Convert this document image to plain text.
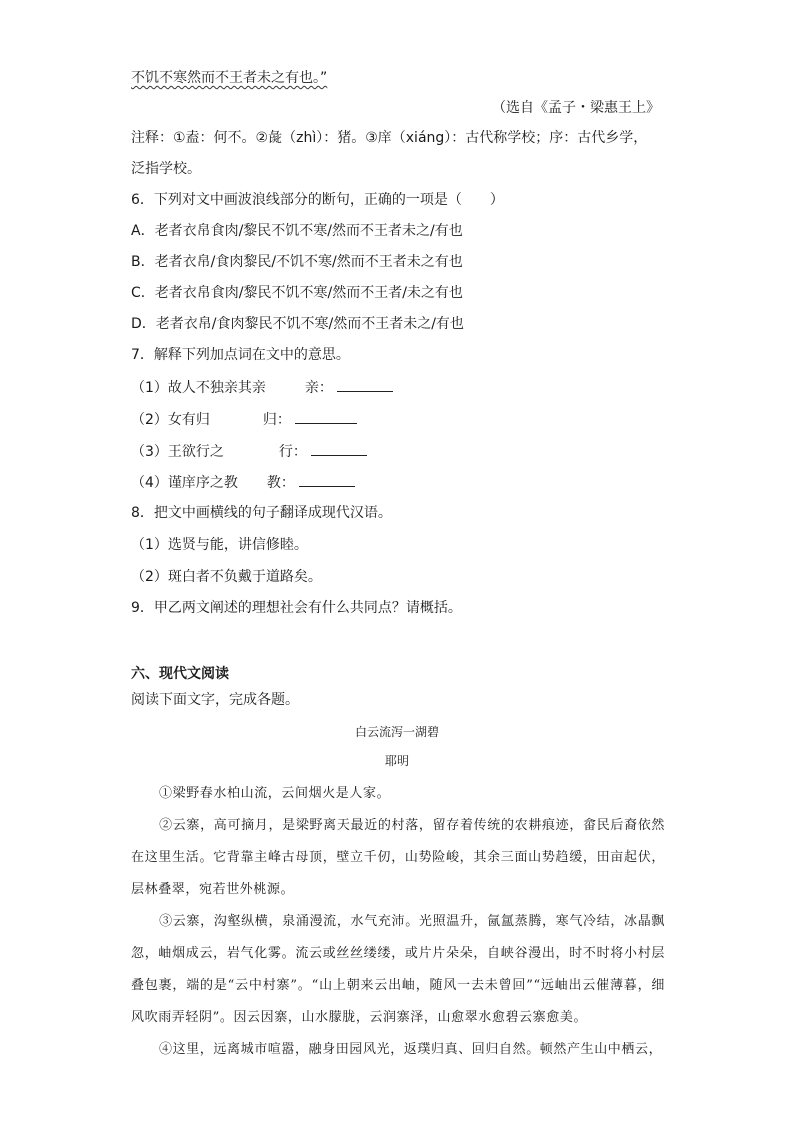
不饥不寒然而不王者未之有也。”
（选自《孟子・梁惠王上》
注释：①盍：何不。②彘（zhì）：猪。③庠（xiáng）：古代称学校；序：古代乡学，
泛指学校。
6．下列对文中画波浪线部分的断句，正确的一项是（　　）
A．老者衣帛食肉/黎民不饥不寒/然而不王者未之/有也
B．老者衣帛/食肉黎民/不饥不寒/然而不王者未之有也
C．老者衣帛食肉/黎民不饥不寒/然而不王者/未之有也
D．老者衣帛/食肉黎民不饥不寒/然而不王者未之/有也
7．解释下列加点词在文中的意思。
（1）故人不独亲其亲	亲：
（2）女有归	归：
（3）王欲行之	行：
（4）谨庠序之教 教：
8．把文中画横线的句子翻译成现代汉语。
（1）选贤与能，讲信修睦。
（2）斑白者不负戴于道路矣。
9．甲乙两文阐述的理想社会有什么共同点？请概括。
六、现代文阅读
阅读下面文字，完成各题。
白云流泻一湖碧
耶明
①梁野春水柏山流，云间烟火是人家。
②云寨，高可摘月，是梁野离天最近的村落，留存着传统的农耕痕迹，畲民后裔依然在这里生活。它背靠主峰古母顶，壁立千仞，山势险峻，其余三面山势趋缓，田亩起伏，层林叠翠，宛若世外桃源。
③云寨，沟壑纵横，泉涌漫流，水气充沛。光照温升，氤氲蒸腾，寒气冷结，冰晶飘忽，岫烟成云，岩气化雾。流云或丝丝缕缕，或片片朵朵，自峡谷漫出，时不时将小村层叠包裹，端的是“云中村寨”。“山上朝来云出岫，随风一去未曾回”“远岫出云催薄暮，细风吹雨弄轻阴”。因云因寨，山水朦胧，云润寨泽，山愈翠水愈碧云寨愈美。
④这里，远离城市喧嚣，融身田园风光，返璞归真、回归自然。顿然产生山中栖云，
